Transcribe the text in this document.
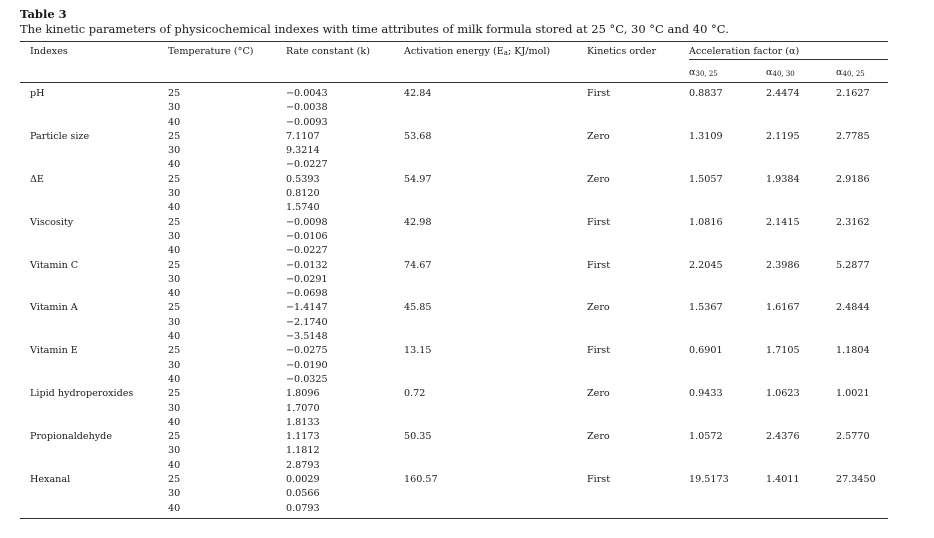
Table 3
The kinetic parameters of physicochemical indexes with time attributes of milk formula stored at 25 °C, 30 °C and 40 °C.
Indexes	Temperature (°C)	Rate constant (k)	Activation energy ($E_a$; KJ/mol)	Kinetics order	Acceleration factor (α)		
					$\alpha_{30, 25}$	$\alpha_{40, 30}$	$\alpha_{40, 25}$

pH	25	−0.0043	42.84	First	0.8837	2.4474	2.1627
	30	−0.0038					
	40	−0.0093					
Particle size	25	7.1107	53.68	Zero	1.3109	2.1195	2.7785
	30	9.3214					
	40	−0.0227					
ΔE	25	0.5393	54.97	Zero	1.5057	1.9384	2.9186
	30	0.8120					
	40	1.5740					
Viscosity	25	−0.0098	42.98	First	1.0816	2.1415	2.3162
	30	−0.0106					
	40	−0.0227					
Vitamin C	25	−0.0132	74.67	First	2.2045	2.3986	5.2877
	30	−0.0291					
	40	−0.0698					
Vitamin A	25	−1.4147	45.85	Zero	1.5367	1.6167	2.4844
	30	−2.1740					
	40	−3.5148					
Vitamin E	25	−0.0275	13.15	First	0.6901	1.7105	1.1804
	30	−0.0190					
	40	−0.0325					
Lipid hydroperoxides	25	1.8096	0.72	Zero	0.9433	1.0623	1.0021
	30	1.7070					
	40	1.8133					
Propionaldehyde	25	1.1173	50.35	Zero	1.0572	2.4376	2.5770
	30	1.1812					
	40	2.8793					
Hexanal	25	0.0029	160.57	First	19.5173	1.4011	27.3450
	30	0.0566					
	40	0.0793					
